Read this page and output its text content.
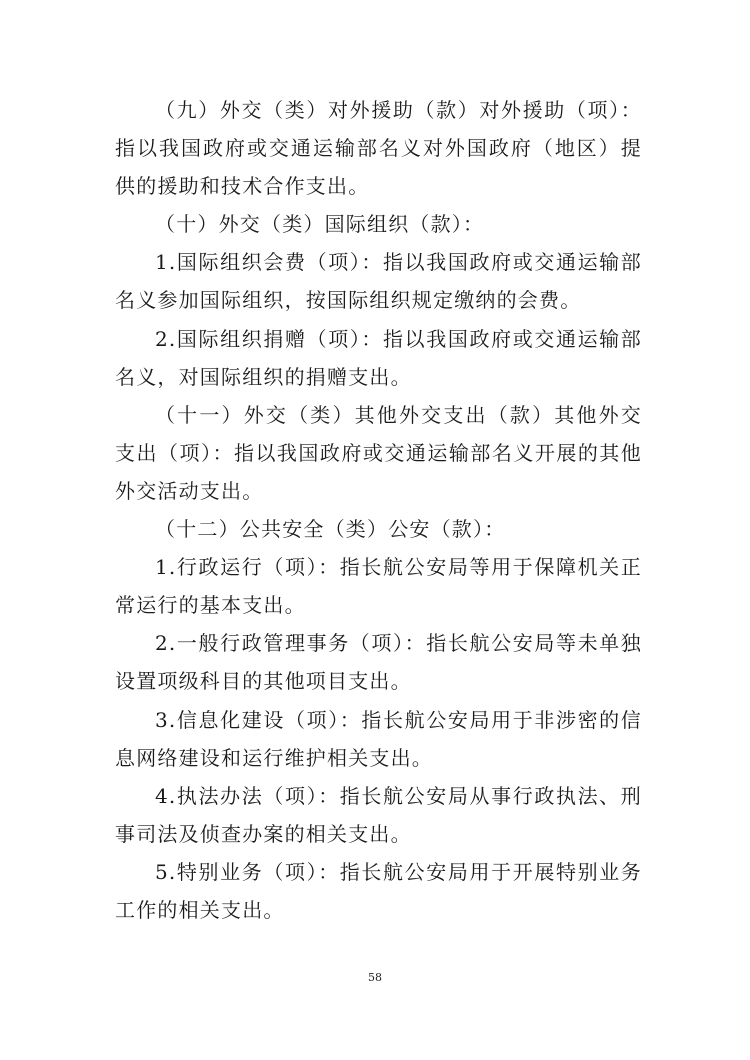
（九）外交（类）对外援助（款）对外援助（项）：指以我国政府或交通运输部名义对外国政府（地区）提供的援助和技术合作支出。

（十）外交（类）国际组织（款）：

1.国际组织会费（项）：指以我国政府或交通运输部名义参加国际组织，按国际组织规定缴纳的会费。

2.国际组织捐赠（项）：指以我国政府或交通运输部名义，对国际组织的捐赠支出。

（十一）外交（类）其他外交支出（款）其他外交支出（项）：指以我国政府或交通运输部名义开展的其他外交活动支出。

（十二）公共安全（类）公安（款）：

1.行政运行（项）：指长航公安局等用于保障机关正常运行的基本支出。

2.一般行政管理事务（项）：指长航公安局等未单独设置项级科目的其他项目支出。

3.信息化建设（项）：指长航公安局用于非涉密的信息网络建设和运行维护相关支出。

4.执法办法（项）：指长航公安局从事行政执法、刑事司法及侦查办案的相关支出。

5.特别业务（项）：指长航公安局用于开展特别业务工作的相关支出。

58
